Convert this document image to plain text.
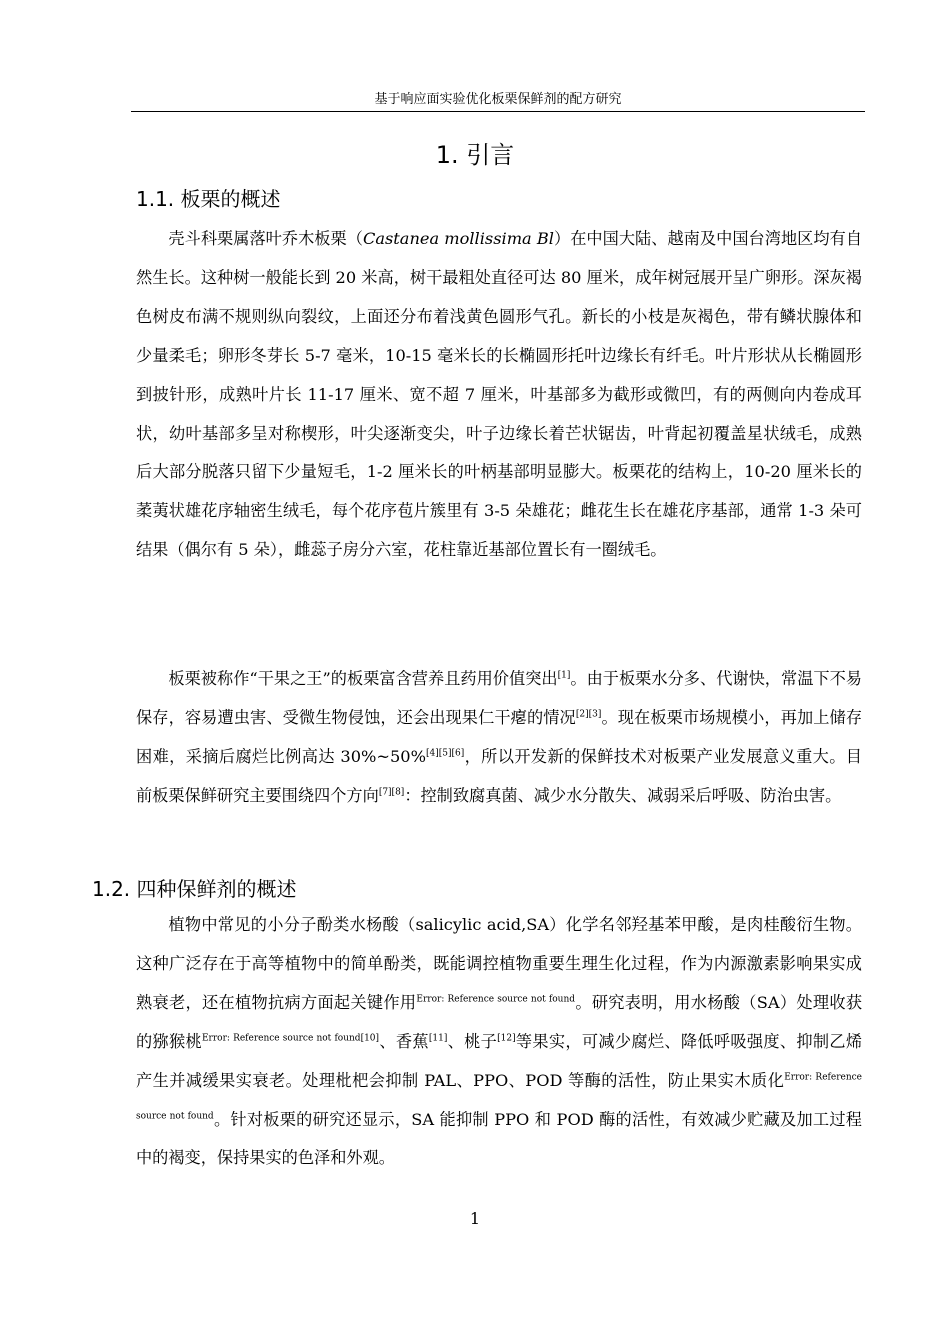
基于响应面实验优化板栗保鲜剂的配方研究
1. 引言
1.1. 板栗的概述

壳斗科栗属落叶乔木板栗（Castanea mollissima Bl）在中国大陆、越南及中国台湾地区均有自然生长。这种树一般能长到 20 米高，树干最粗处直径可达 80 厘米，成年树冠展开呈广卵形。深灰褐色树皮布满不规则纵向裂纹，上面还分布着浅黄色圆形气孔。新长的小枝是灰褐色，带有鳞状腺体和少量柔毛；卵形冬芽长 5-7 毫米，10-15 毫米长的长椭圆形托叶边缘长有纤毛。叶片形状从长椭圆形到披针形，成熟叶片长 11-17 厘米、宽不超 7 厘米，叶基部多为截形或微凹，有的两侧向内卷成耳状，幼叶基部多呈对称楔形，叶尖逐渐变尖，叶子边缘长着芒状锯齿，叶背起初覆盖星状绒毛，成熟后大部分脱落只留下少量短毛，1-2 厘米长的叶柄基部明显膨大。板栗花的结构上，10-20 厘米长的葇荑状雄花序轴密生绒毛，每个花序苞片簇里有 3-5 朵雄花；雌花生长在雄花序基部，通常 1-3 朵可结果（偶尔有 5 朵），雌蕊子房分六室，花柱靠近基部位置长有一圈绒毛。

板栗被称作“干果之王”的板栗富含营养且药用价值突出[1]。由于板栗水分多、代谢快，常温下不易保存，容易遭虫害、受微生物侵蚀，还会出现果仁干瘪的情况[2][3]。现在板栗市场规模小，再加上储存困难，采摘后腐烂比例高达 30%~50%[4][5][6]，所以开发新的保鲜技术对板栗产业发展意义重大。目前板栗保鲜研究主要围绕四个方向[7][8]：控制致腐真菌、减少水分散失、减弱采后呼吸、防治虫害。

1.2. 四种保鲜剂的概述

植物中常见的小分子酚类水杨酸（salicylic acid,SA）化学名邻羟基苯甲酸，是肉桂酸衍生物。这种广泛存在于高等植物中的简单酚类，既能调控植物重要生理生化过程，作为内源激素影响果实成熟衰老，还在植物抗病方面起关键作用$^{Error: Reference source not found}$。研究表明，用水杨酸（SA）处理收获的猕猴桃$^{Error: Reference source not found[10]}$、香蕉[11]、桃子[12]等果实，可减少腐烂、降低呼吸强度、抑制乙烯产生并减缓果实衰老。处理枇杷会抑制 PAL、PPO、POD 等酶的活性，防止果实木质化$^{Error: Reference source not found}$。针对板栗的研究还显示，SA 能抑制 PPO 和 POD 酶的活性，有效减少贮藏及加工过程中的褐变，保持果实的色泽和外观。

1
